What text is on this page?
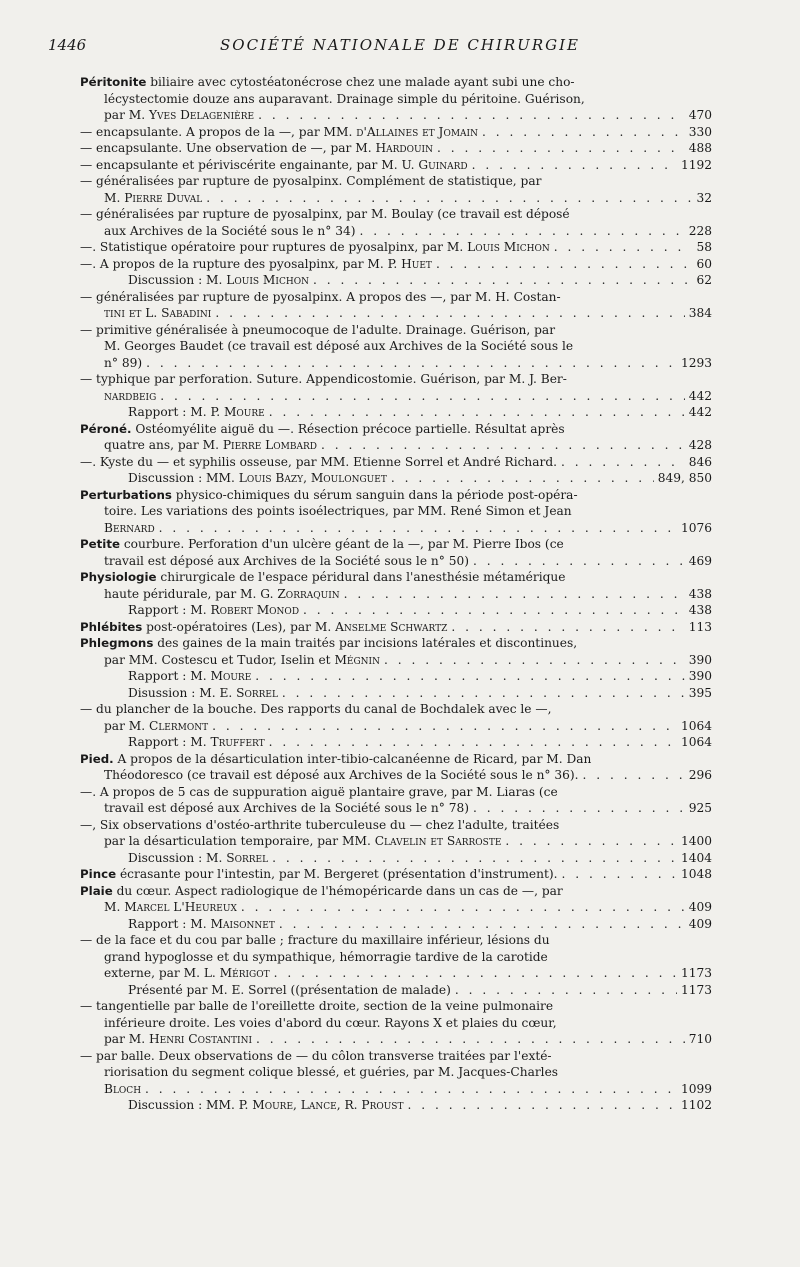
1446	SOCIÉTÉ NATIONALE DE CHIRURGIE
Péritonite biliaire avec cytostéatonécrose chez une malade ayant subi une cho-
lécystectomie douze ans auparavant. Drainage simple du péritoine. Guérison,
par M. Yves Delagenière . . .	470
— encapsulante. A propos de la —, par MM. d'Allaines et Jomain . . .	330
— encapsulante. Une observation de —, par M. Hardouin . . .	488
— encapsulante et périviscérite engainante, par M. U. Guinard . . .	1192
— généralisées par rupture de pyosalpinx. Complément de statistique, par
M. Pierre Duval . . .	32
— généralisées par rupture de pyosalpinx, par M. Boulay (ce travail est déposé
aux Archives de la Société sous le n° 34) . . .	228
—. Statistique opératoire pour ruptures de pyosalpinx, par M. Louis Michon . . .	58
—. A propos de la rupture des pyosalpinx, par M. P. Huet . . .	60
Discussion : M. Louis Michon . . .	62
— généralisées par rupture de pyosalpinx. A propos des —, par M. H. Costan-
tini et L. Sabadini . . .	384
— primitive généralisée à pneumocoque de l'adulte. Drainage. Guérison, par
M. Georges Baudet (ce travail est déposé aux Archives de la Société sous le
n° 89) . . .	1293
— typhique par perforation. Suture. Appendicostomie. Guérison, par M. J. Ber-
nardbeig . . .	442
Rapport : M. P. Moure . . .	442
Péroné. Ostéomyélite aiguë du —. Résection précoce partielle. Résultat après
quatre ans, par M. Pierre Lombard . . .	428
—. Kyste du — et syphilis osseuse, par MM. Etienne Sorrel et André Richard. . . .	846
Discussion : MM. Louis Bazy, Moulonguet . . .	849, 850
Perturbations physico-chimiques du sérum sanguin dans la période post-opéra-
toire. Les variations des points isoélectriques, par MM. René Simon et Jean
Bernard . . .	1076
Petite courbure. Perforation d'un ulcère géant de la —, par M. Pierre Ibos (ce
travail est déposé aux Archives de la Société sous le n° 50) . . .	469
Physiologie chirurgicale de l'espace péridural dans l'anesthésie métamérique
haute péridurale, par M. G. Zorraquin . . .	438
Rapport : M. Robert Monod . . .	438
Phlébites post-opératoires (Les), par M. Anselme Schwartz . . .	113
Phlegmons des gaines de la main traités par incisions latérales et discontinues,
par MM. Costescu et Tudor, Iselin et Mégnin . . .	390
Rapport : M. Moure . . .	390
Disussion : M. E. Sorrel . . .	395
— du plancher de la bouche. Des rapports du canal de Bochdalek avec le —,
par M. Clermont . . .	1064
Rapport : M. Truffert . . .	1064
Pied. A propos de la désarticulation inter-tibio-calcanéenne de Ricard, par M. Dan
Théodoresco (ce travail est déposé aux Archives de la Société sous le n° 36). . . .	296
—. A propos de 5 cas de suppuration aiguë plantaire grave, par M. Liaras (ce
travail est déposé aux Archives de la Société sous le n° 78) . . .	925
—, Six observations d'ostéo-arthrite tuberculeuse du — chez l'adulte, traitées
par la désarticulation temporaire, par MM. Clavelin et Sarroste . . .	1400
Discussion : M. Sorrel . . .	1404
Pince écrasante pour l'intestin, par M. Bergeret (présentation d'instrument). . . .	1048
Plaie du cœur. Aspect radiologique de l'hémopéricarde dans un cas de —, par
M. Marcel L'Heureux . . .	409
Rapport : M. Maisonnet . . .	409
— de la face et du cou par balle ; fracture du maxillaire inférieur, lésions du
grand hypoglosse et du sympathique, hémorragie tardive de la carotide
externe, par M. L. Mérigot . . .	1173
Présenté par M. E. Sorrel ((présentation de malade) . . .	1173
— tangentielle par balle de l'oreillette droite, section de la veine pulmonaire
inférieure droite. Les voies d'abord du cœur. Rayons X et plaies du cœur,
par M. Henri Costantini . . .	710
— par balle. Deux observations de — du côlon transverse traitées par l'exté-
riorisation du segment colique blessé, et guéries, par M. Jacques-Charles
Bloch . . .	1099
Discussion : MM. P. Moure, Lance, R. Proust . . .	1102
